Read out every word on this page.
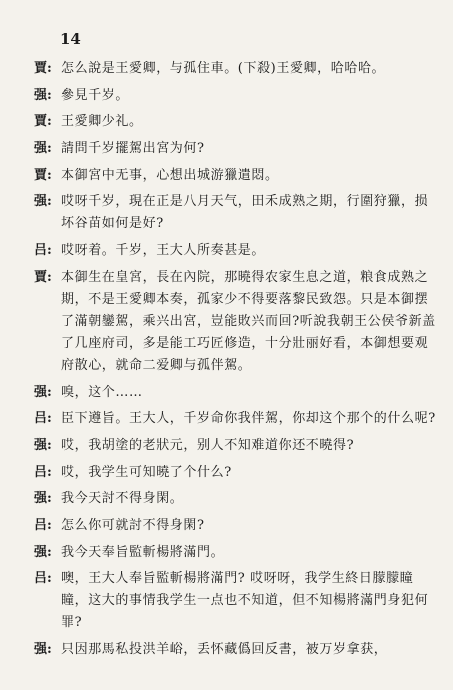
14
賈: 怎么說是王愛卿，与孤住車。(下殺)王愛卿，哈哈哈。
强: 參見千岁。
賈: 王愛卿少礼。
强: 請問千岁擺駕出宮为何?
賈: 本御宮中无事，心想出城游獵遣悶。
强: 哎呀千岁，現在正是八月天气，田禾成熟之期，行圍狩獵，损坏谷苗如何是好?
吕: 哎呀着。千岁，王大人所奏甚是。
賈: 本御生在皇宮，長在內院，那曉得农家生息之道，粮食成熟之期，不是王愛卿本奏，孤家少不得要落黎民致怨。只是本御摆了滿朝鑾駕，乘兴出宮，豈能敗兴而回?听說我朝王公侯爷新盖了几座府司，多是能工巧匠修造，十分壯丽好看，本御想要观府散心，就命二爱卿与孤伴駕。
强: 嗅，这个……
吕: 臣下遵旨。王大人，千岁命你我伴駕，你却这个那个的什么呢?
强: 哎，我胡塗的老狀元，别人不知难道你还不曉得?
吕: 哎，我学生可知曉了个什么?
强: 我今天討不得身閑。
吕: 怎么你可就討不得身閑?
强: 我今天奉旨監斬楊將滿門。
吕: 噢，王大人奉旨監斬楊將滿門? 哎呀呀，我学生終日朦朦瞳瞳，这大的事情我学生一点也不知道，但不知楊將滿門身犯何罪?
强: 只因那馬私投洪羊峪，丢怀藏僞回反書，被万岁拿获，
